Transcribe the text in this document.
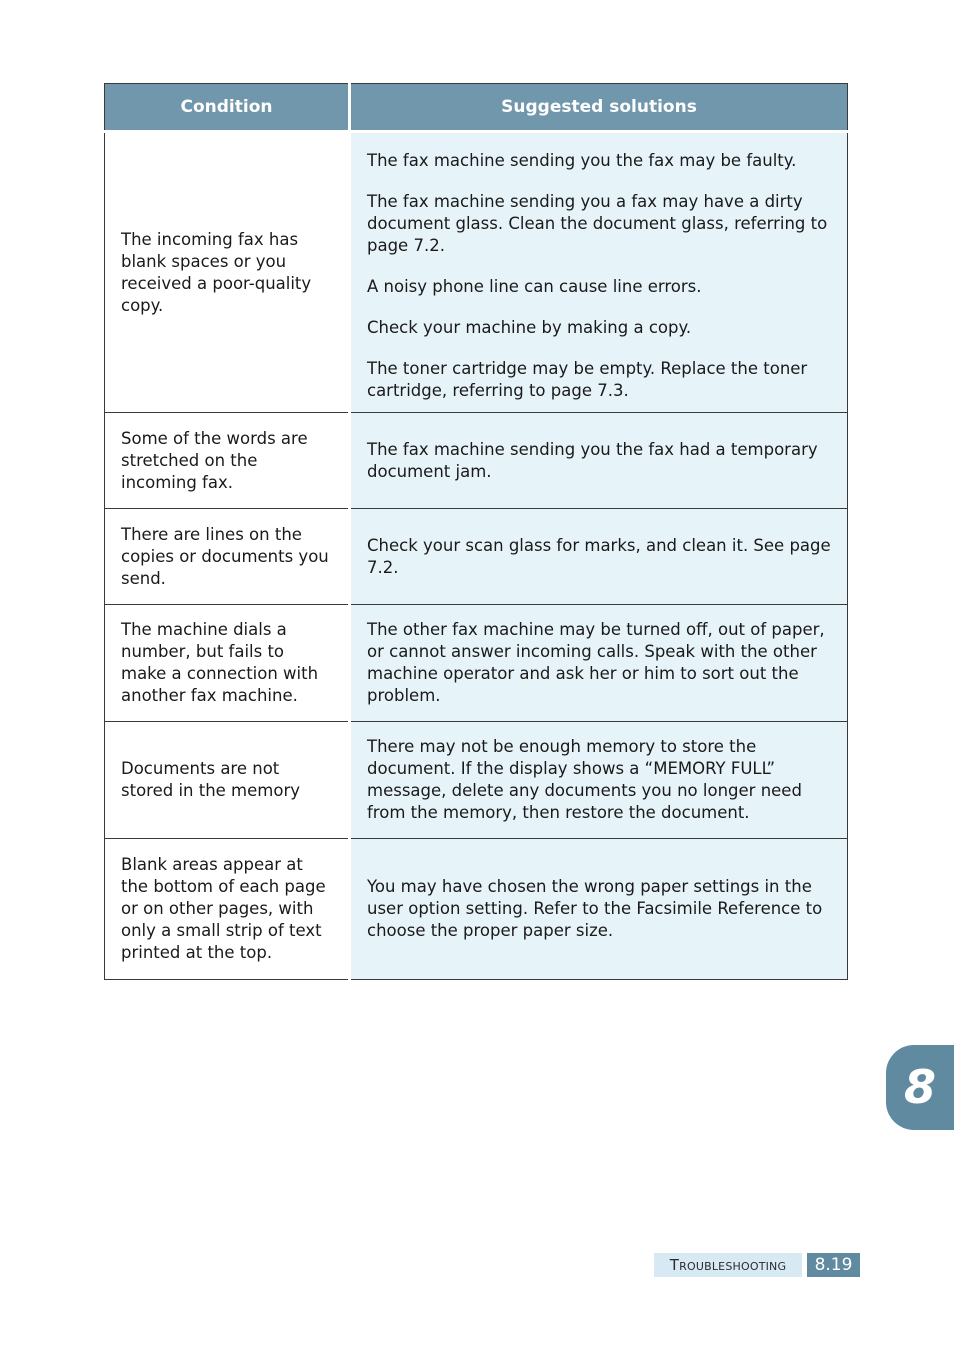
Condition	Suggested solutions
The incoming fax has blank spaces or you received a poor-quality copy.	The fax machine sending you the fax may be faulty.

The fax machine sending you a fax may have a dirty document glass. Clean the document glass, referring to page 7.2.

A noisy phone line can cause line errors.

Check your machine by making a copy.

The toner cartridge may be empty. Replace the toner cartridge, referring to page 7.3.

Some of the words are stretched on the incoming fax.	The fax machine sending you the fax had a temporary document jam.

There are lines on the copies or documents you send.	Check your scan glass for marks, and clean it. See page 7.2.

The machine dials a number, but fails to make a connection with another fax machine.	The other fax machine may be turned off, out of paper, or cannot answer incoming calls. Speak with the other machine operator and ask her or him to sort out the problem.

Documents are not stored in the memory	There may not be enough memory to store the document. If the display shows a “MEMORY FULL” message, delete any documents you no longer need from the memory, then restore the document.

Blank areas appear at the bottom of each page or on other pages, with only a small strip of text printed at the top.	You may have chosen the wrong paper settings in the user option setting. Refer to the Facsimile Reference to choose the proper paper size.

8
Troubleshooting	8.19
